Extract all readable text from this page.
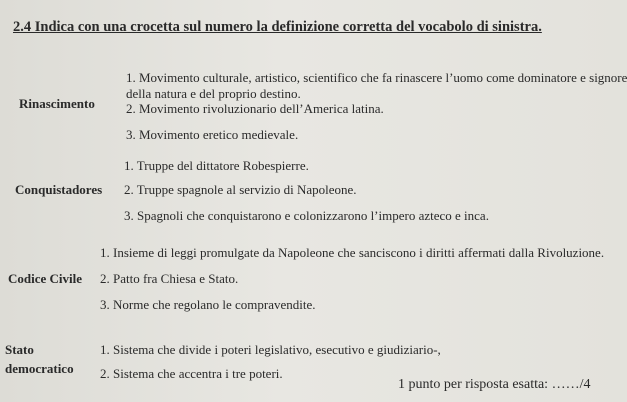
2.4 Indica con una crocetta sul numero la definizione corretta del vocabolo di sinistra.
1. Movimento culturale, artistico, scientifico che fa rinascere l’uomo come dominatore e signore
della natura e del proprio destino.
Rinascimento 2. Movimento rivoluzionario dell’America latina.
3. Movimento eretico medievale.
1. Truppe del dittatore Robespierre.
Conquistadores 2. Truppe spagnole al servizio di Napoleone.
3. Spagnoli che conquistarono e colonizzarono l’impero azteco e inca.
1. Insieme di leggi promulgate da Napoleone che sanciscono i diritti affermati dalla Rivoluzione.
Codice Civile 2. Patto fra Chiesa e Stato.
3. Norme che regolano le compravendite.
Stato	1. Sistema che divide i poteri legislativo, esecutivo e giudiziario-,
democratico 2. Sistema che accentra i tre poteri.
1 punto per risposta esatta: ……/4
